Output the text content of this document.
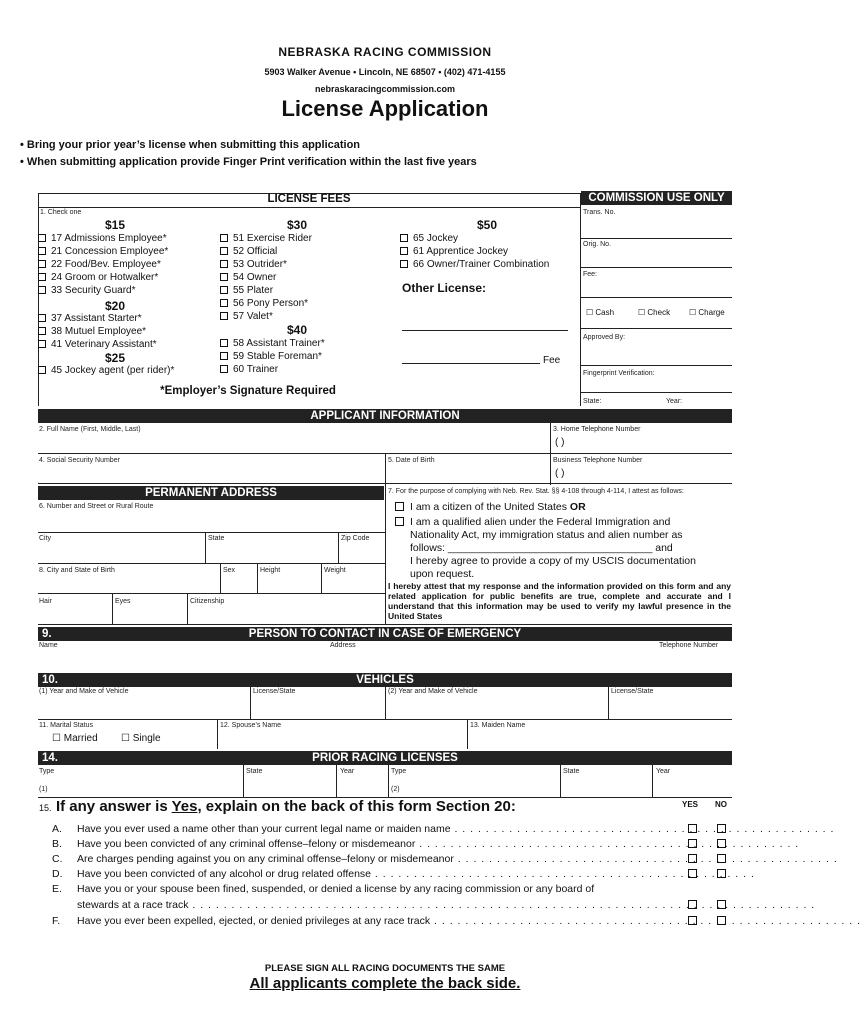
NEBRASKA RACING COMMISSION
5903 Walker Avenue • Lincoln, NE 68507 • (402) 471-4155
nebraskaracingcommission.com
License Application
• Bring your prior year’s license when submitting this application
• When submitting application provide Finger Print verification within the last five years
LICENSE FEES
1. Check one
$15
17 Admissions Employee*
21 Concession Employee*
22 Food/Bev. Employee*
24 Groom or Hotwalker*
33 Security Guard*
$20
37 Assistant Starter*
38 Mutuel Employee*
41 Veterinary Assistant*
$25
45 Jockey agent (per rider)*
$30
51 Exercise Rider
52 Official
53 Outrider*
54 Owner
55 Plater
56 Pony Person*
57 Valet*
$40
58 Assistant Trainer*
59 Stable Foreman*
60 Trainer
$50
65 Jockey
61 Apprentice Jockey
66 Owner/Trainer Combination
Other License:
Fee
*Employer’s Signature Required
COMMISSION USE ONLY
Trans. No.
Orig. No.
Fee:
☐ Cash	☐ Check ☐ Charge
Approved By:
Fingerprint Verification:
State:	Year:
APPLICANT INFORMATION
2. Full Name (First, Middle, Last)	3. Home Telephone Number
( )
4. Social Security Number	5. Date of Birth	Business Telephone Number
( )
PERMANENT ADDRESS
6. Number and Street or Rural Route
City	State	Zip Code
8. City and State of Birth	Sex	Height	Weight
Hair	Eyes	Citizenship
7. For the purpose of complying with Neb. Rev. Stat. §§ 4-108 through 4-114, I attest as follows:
I am a citizen of the United States OR
I am a qualified alien under the Federal Immigration and
Nationality Act, my immigration status and alien number as
follows: ___________________________________ and
I hereby agree to provide a copy of my USCIS documentation
upon request.
I hereby attest that my response and the information provided on this form and any related application for public benefits are true, complete and accurate and I understand that this information may be used to verify my lawful presence in the United States
9.	PERSON TO CONTACT IN CASE OF EMERGENCY
Name	Address	Telephone Number
10.	VEHICLES
(1) Year and Make of Vehicle	License/State	(2) Year and Make of Vehicle	License/State
11. Marital Status
☐ Married ☐ Single
12. Spouse’s Name	13. Maiden Name
14.	PRIOR RACING LICENSES
Type	State	Year	Type	State	Year
(1)	(2)
15. If any answer is Yes, explain on the back of this form Section 20:	YES NO
A. Have you ever used a name other than your current legal name or maiden name . . . . . . . . . . . . . . . . . . . . . . . . . . . . . . . . . . . . . . . . . . . . . . . . .
B. Have you been convicted of any criminal offense–felony or misdemeanor . . . . . . . . . . . . . . . . . . . . . . . . . . . . . . . . . . . . . . . . . . . . . . . . .
C. Are charges pending against you on any criminal offense–felony or misdemeanor . . . . . . . . . . . . . . . . . . . . . . . . . . . . . . . . . . . . . . . . . . . . . . . . .
D. Have you been convicted of any alcohol or drug related offense . . . . . . . . . . . . . . . . . . . . . . . . . . . . . . . . . . . . . . . . . . . . . . . . .
E. Have you or your spouse been fined, suspended, or denied a license by any racing commission or any board of
stewards at a race track . . . . . . . . . . . . . . . . . . . . . . . . . . . . . . . . . . . . . . . . . . . . . . . . . . . . . . . . . . . . . . . . . . . . . . . . . . . . . . . .
F. Have you ever been expelled, ejected, or denied privileges at any race track . . . . . . . . . . . . . . . . . . . . . . . . . . . . . . . . . . . . . . . . . . . . . . . . . . . . . . .
PLEASE SIGN ALL RACING DOCUMENTS THE SAME
All applicants complete the back side.
